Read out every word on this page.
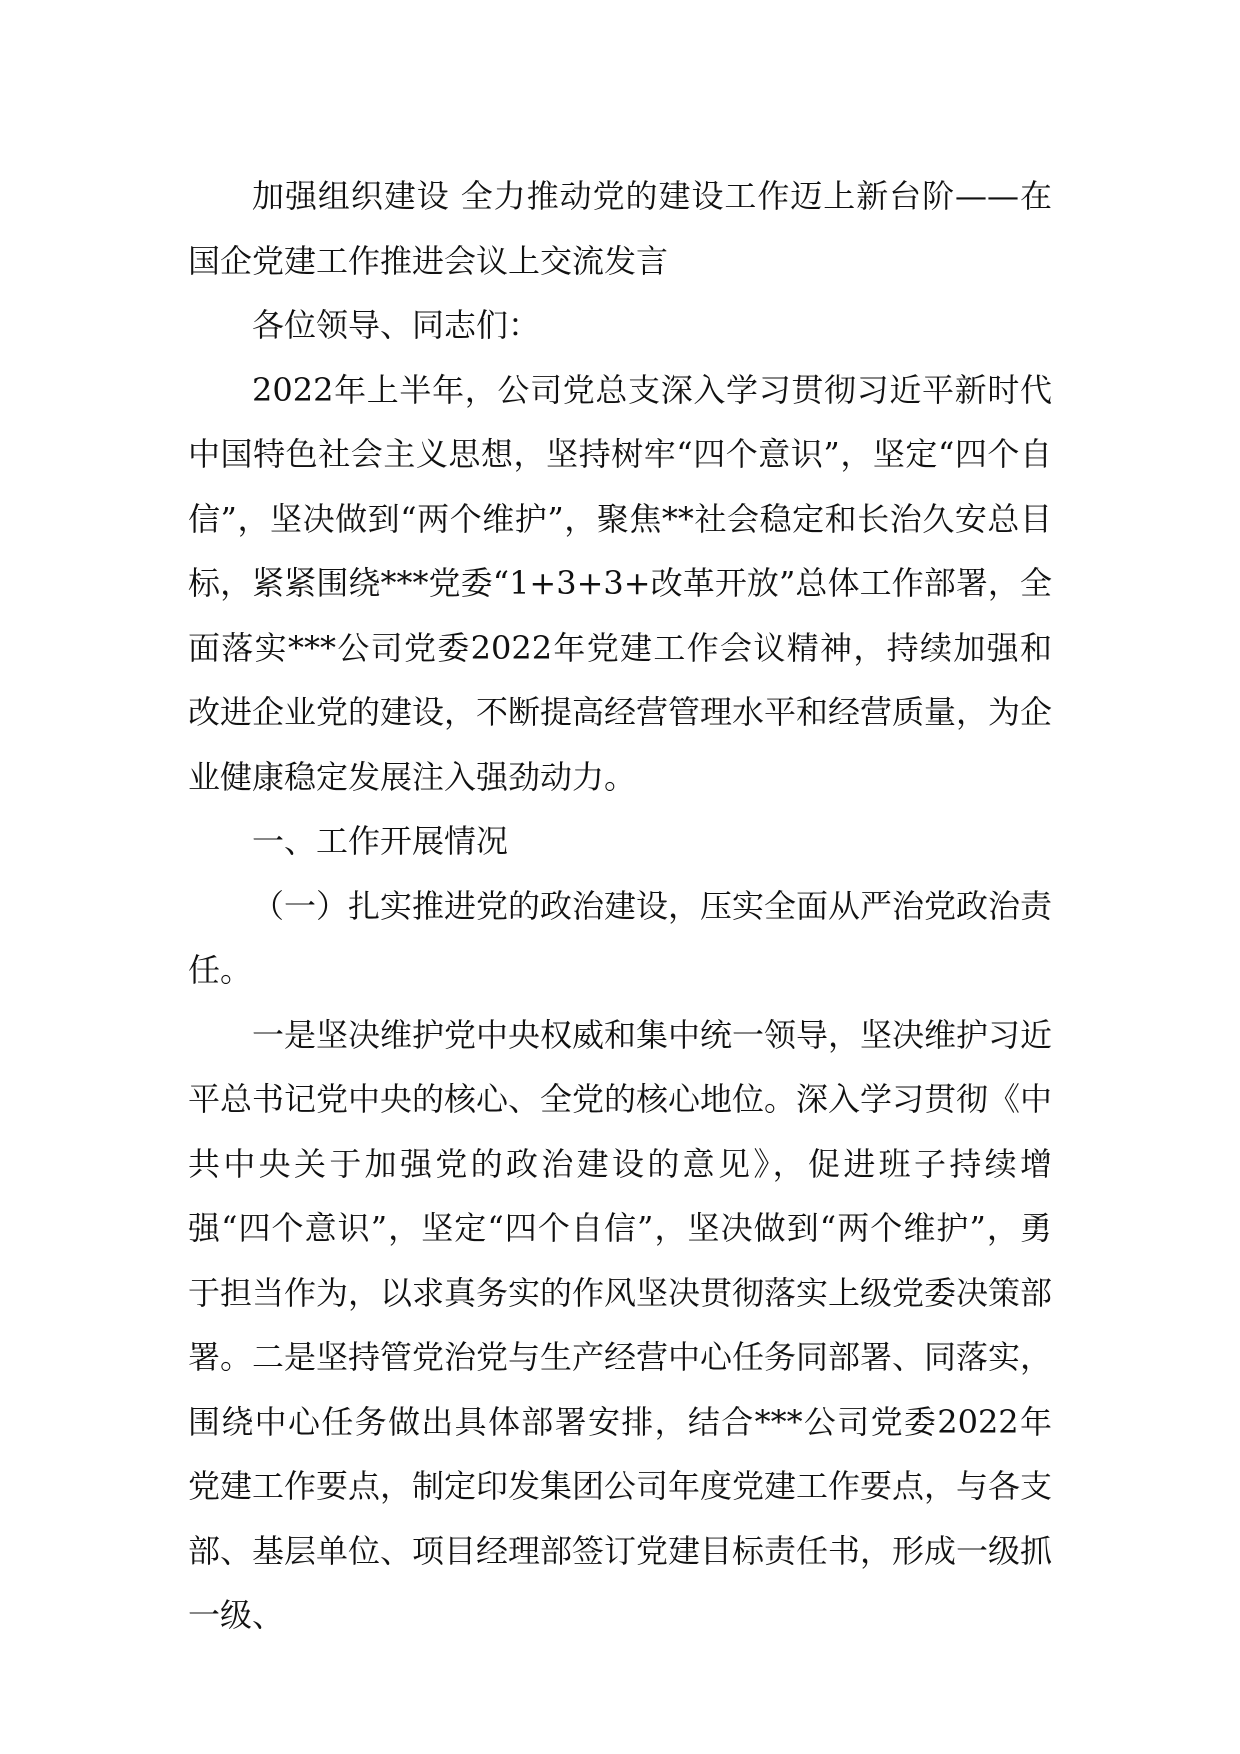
加强组织建设 全力推动党的建设工作迈上新台阶——在国企党建工作推进会议上交流发言

各位领导、同志们：

2022年上半年，公司党总支深入学习贯彻习近平新时代中国特色社会主义思想，坚持树牢“四个意识”，坚定“四个自信”，坚决做到“两个维护”，聚焦**社会稳定和长治久安总目标，紧紧围绕***党委“1+3+3+改革开放”总体工作部署，全面落实***公司党委2022年党建工作会议精神，持续加强和改进企业党的建设，不断提高经营管理水平和经营质量，为企业健康稳定发展注入强劲动力。

一、工作开展情况

（一）扎实推进党的政治建设，压实全面从严治党政治责任。

一是坚决维护党中央权威和集中统一领导，坚决维护习近平总书记党中央的核心、全党的核心地位。深入学习贯彻《中共中央关于加强党的政治建设的意见》，促进班子持续增强“四个意识”，坚定“四个自信”，坚决做到“两个维护”，勇于担当作为，以求真务实的作风坚决贯彻落实上级党委决策部署。二是坚持管党治党与生产经营中心任务同部署、同落实，围绕中心任务做出具体部署安排，结合***公司党委2022年党建工作要点，制定印发集团公司年度党建工作要点，与各支部、基层单位、项目经理部签订党建目标责任书，形成一级抓一级、
